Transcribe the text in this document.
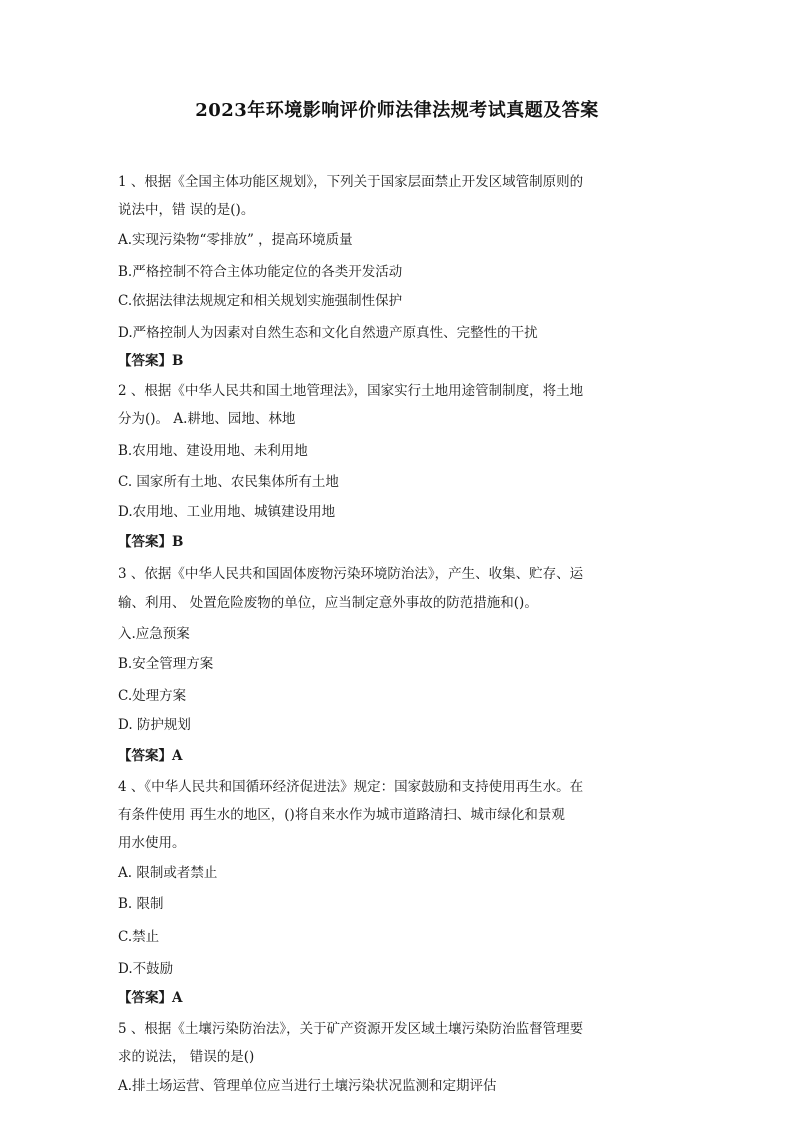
2023年环境影响评价师法律法规考试真题及答案
1 、根据《全国主体功能区规划》，下列关于国家层面禁止开发区域管制原则的
说法中，错 误的是()。
A.实现污染物“零排放” ，提高环境质量
B.严格控制不符合主体功能定位的各类开发活动
C.依据法律法规规定和相关规划实施强制性保护
D.严格控制人为因素对自然生态和文化自然遗产原真性、完整性的干扰
【答案】B
2 、根据《中华人民共和国土地管理法》，国家实行土地用途管制制度，将土地
分为()。 A.耕地、园地、林地
B.农用地、建设用地、未利用地
C. 国家所有土地、农民集体所有土地
D.农用地、工业用地、城镇建设用地
【答案】B
3 、依据《中华人民共和国固体废物污染环境防治法》，产生、收集、贮存、运
输、利用、 处置危险废物的单位，应当制定意外事故的防范措施和()。
入.应急预案
B.安全管理方案
C.处理方案
D. 防护规划
【答案】A
4 、《中华人民共和国循环经济促进法》规定：国家鼓励和支持使用再生水。在
有条件使用 再生水的地区，()将自来水作为城市道路清扫、城市绿化和景观
用水使用。
A. 限制或者禁止
B. 限制
C.禁止
D.不鼓励
【答案】A
5 、根据《土壤污染防治法》，关于矿产资源开发区域土壤污染防治监督管理要
求的说法， 错误的是()
A.排土场运营、管理单位应当进行土壤污染状况监测和定期评估
